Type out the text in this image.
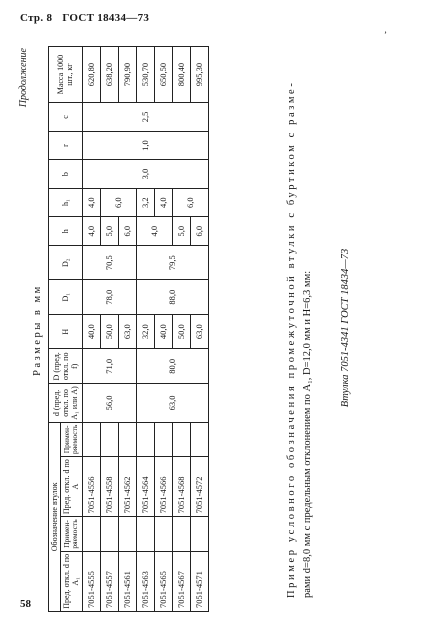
Стр. 8 ГОСТ 18434—73
ʼ
58
Продолжение
Размеры в мм
Обозначение втулок				d (пред. откл. по A₁ или A)	D (пред. откл. по f)	H	D₁	D₂	h	h₁	b	r	c	Масса 1000 шт., кг
Пред. откл. d по A₁	Примен-ряемость	Пред. откл. d по A	Примен-ряемость											
7051-4555		7051-4556		56,0	71,0	40,0	78,0	70,5	4,0	4,0	3,0	1,0	2,5	620,80
7051-4557		7051-4558				50,0			5,0	6,0				638,20
7051-4561		7051-4562				63,0			6,0					790,90
7051-4563		7051-4564		63,0	80,0	32,0	88,0	79,5	4,0	3,2				530,70
7051-4565		7051-4566				40,0				4,0				650,50
7051-4567		7051-4568				50,0			5,0	6,0				800,40
7051-4571		7051-4572				63,0			6,0					995,30
Пример условного обозначения промежуточной втулки с буртиком с разме- рами d=8,0 мм с предельным отклонением по A₁, D=12,0 мм и H=6,3 мм:	Втулка 7051-4341 ГОСТ 18434—73
